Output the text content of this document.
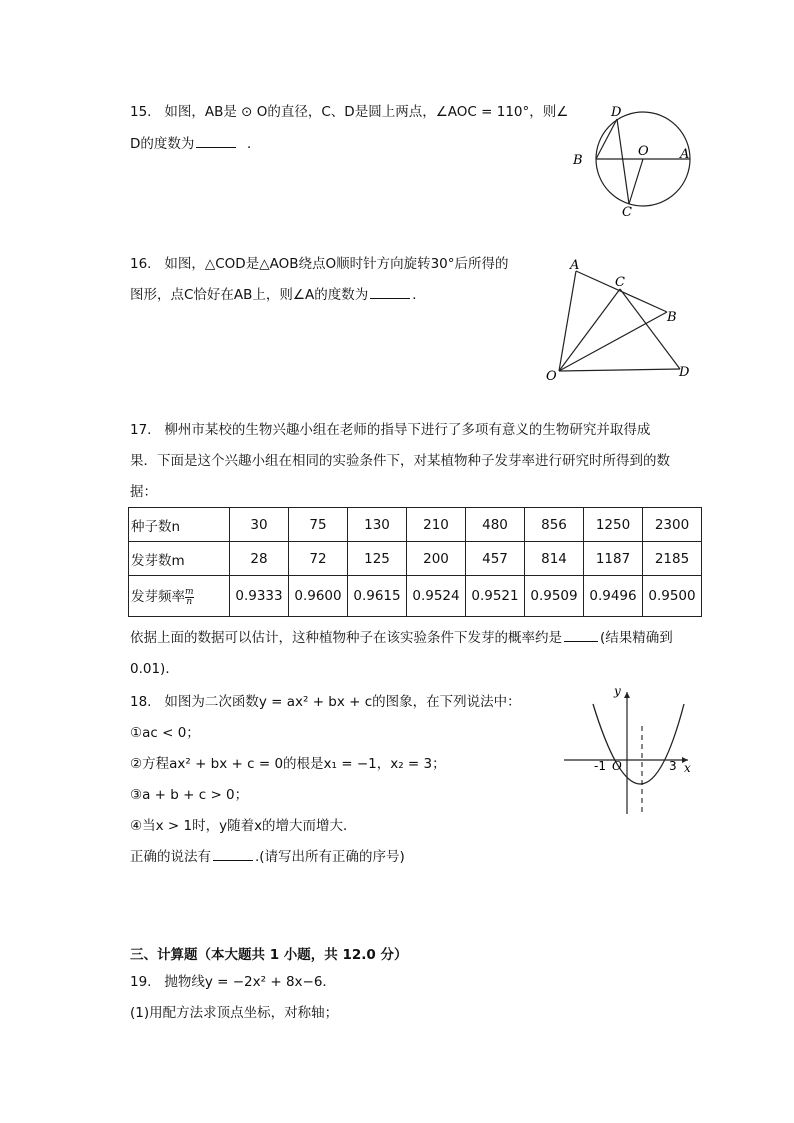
15. 如图，AB是 ⊙ O的直径，C、D是圆上两点，∠AOC = 110°，则∠
D的度数为	．
D
O A
B
C
16. 如图，△COD是△AOB绕点O顺时针方向旋转30°后所得的
图形，点C恰好在AB上，则∠A的度数为	．
A
C
B
O	D
17. 柳州市某校的生物兴趣小组在老师的指导下进行了多项有意义的生物研究并取得成
果．下面是这个兴趣小组在相同的实验条件下，对某植物种子发芽率进行研究时所得到的数
据：
种子数n	30	75	130	210	480	856	1250	2300
发芽数m	28	72	125	200	457	814	1187	2185
发芽频率 $\frac{m}{n}$	0.9333	0.9600	0.9615	0.9524	0.9521	0.9509	0.9496	0.9500
依据上面的数据可以估计，这种植物种子在该实验条件下发芽的概率约是	(结果精确到
0.01)．
18. 如图为二次函数y = ax² + bx + c的图象，在下列说法中：
①ac < 0；
②方程ax² + bx + c = 0的根是x₁ = −1，x₂ = 3；
③a + b + c > 0；
④当x > 1时，y随着x的增大而增大．
正确的说法有	.(请写出所有正确的序号)
y
x
-1 O	3
三、计算题（本大题共 1 小题，共 12.0 分）
19. 抛物线y = −2x² + 8x−6．
(1)用配方法求顶点坐标，对称轴；
